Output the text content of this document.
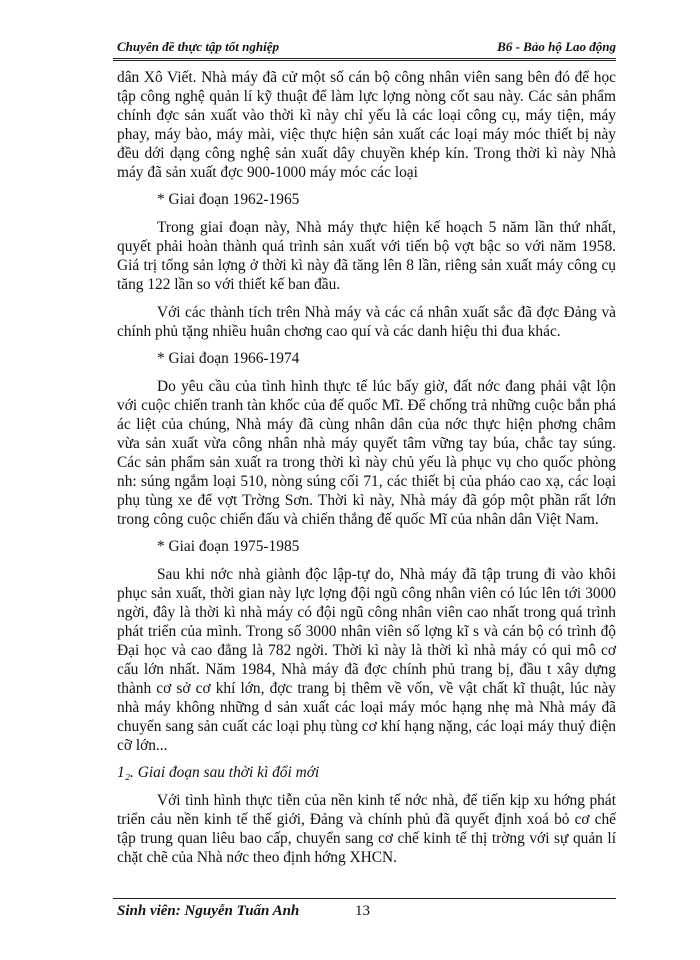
Chuyên đề thực tập tốt nghiệp	B6 - Bảo hộ Lao động

dân Xô Viết. Nhà máy đã cử một số cán bộ công nhân viên sang bên đó để học tập công nghệ quản lí kỹ thuật để làm lực lợng nòng cốt sau này. Các sản phẩm chính đợc sản xuất vào thời kì này chỉ yếu là các loại công cụ, máy tiện, máy phay, máy bào, máy mài, việc thực hiện sản xuất các loại máy móc thiết bị này đều dới dạng công nghệ sản xuất dây chuyền khép kín. Trong thời kì này Nhà máy đã sản xuất đợc 900-1000 máy móc các loại

* Giai đoạn 1962-1965

Trong giai đoạn này, Nhà máy thực hiện kế hoạch 5 năm lần thứ nhất, quyết phải hoàn thành quá trình sản xuất với tiến bộ vợt bậc so với năm 1958. Giá trị tổng sản lợng ở thời kì này đã tăng lên 8 lần, riêng sản xuất máy công cụ tăng 122 lần so với thiết kế ban đầu.

Với các thành tích trên Nhà máy và các cá nhân xuất sắc đã đợc Đảng và chính phủ tặng nhiều huân chơng cao quí và các danh hiệu thi đua khác.

* Giai đoạn 1966-1974

Do yêu cầu của tình hình thực tế lúc bấy giờ, đất nớc đang phải vật lộn với cuộc chiến tranh tàn khốc của đế quốc Mĩ. Để chống trả những cuộc bắn phá ác liệt của chúng, Nhà máy đã cùng nhân dân của nớc thực hiện phơng châm vừa sản xuất vừa công nhân nhà máy quyết tâm vững tay búa, chắc tay súng. Các sản phẩm sản xuất ra trong thời kì này chủ yếu là phục vụ cho quốc phòng nh: súng ngắm loại 510, nòng súng cối 71, các thiết bị của pháo cao xạ, các loại phụ tùng xe để vợt Trờng Sơn. Thời kì này, Nhà máy đã góp một phần rất lớn trong công cuộc chiến đấu và chiến thắng đế quốc Mĩ của nhân dân Việt Nam.

* Giai đoạn 1975-1985

Sau khi nớc nhà giành độc lập-tự do, Nhà máy đã tập trung đi vào khôi phục sản xuất, thời gian này lực lợng đội ngũ công nhân viên có lúc lên tới 3000 ngời, đây là thời kì nhà máy có đội ngũ công nhân viên cao nhất trong quá trình phát triển của mình. Trong số 3000 nhân viên số lợng kĩ s và cán bộ có trình độ Đại học và cao đẳng là 782 ngời. Thời kì này là thời kì nhà máy có qui mô cơ cấu lớn nhất. Năm 1984, Nhà máy đã đợc chính phủ trang bị, đầu t xây dựng thành cơ sở cơ khí lớn, đợc trang bị thêm về vốn, về vật chất kĩ thuật, lúc này nhà máy không những d sản xuất các loại máy móc hạng nhẹ mà Nhà máy đã chuyển sang sản cuất các loại phụ tùng cơ khí hạng nặng, các loại máy thuỷ điện cỡ lớn...

1₂. Giai đoạn sau thời kì đổi mới

Với tình hình thực tiễn của nền kinh tế nớc nhà, để tiến kịp xu hớng phát triển cảu nền kinh tế thế giới, Đảng và chính phủ đã quyết định xoá bỏ cơ chế tập trung quan liêu bao cấp, chuyển sang cơ chế kinh tế thị trờng với sự quản lí chặt chẽ của Nhà nớc theo định hớng XHCN.

Sinh viên: Nguyễn Tuấn Anh	13
